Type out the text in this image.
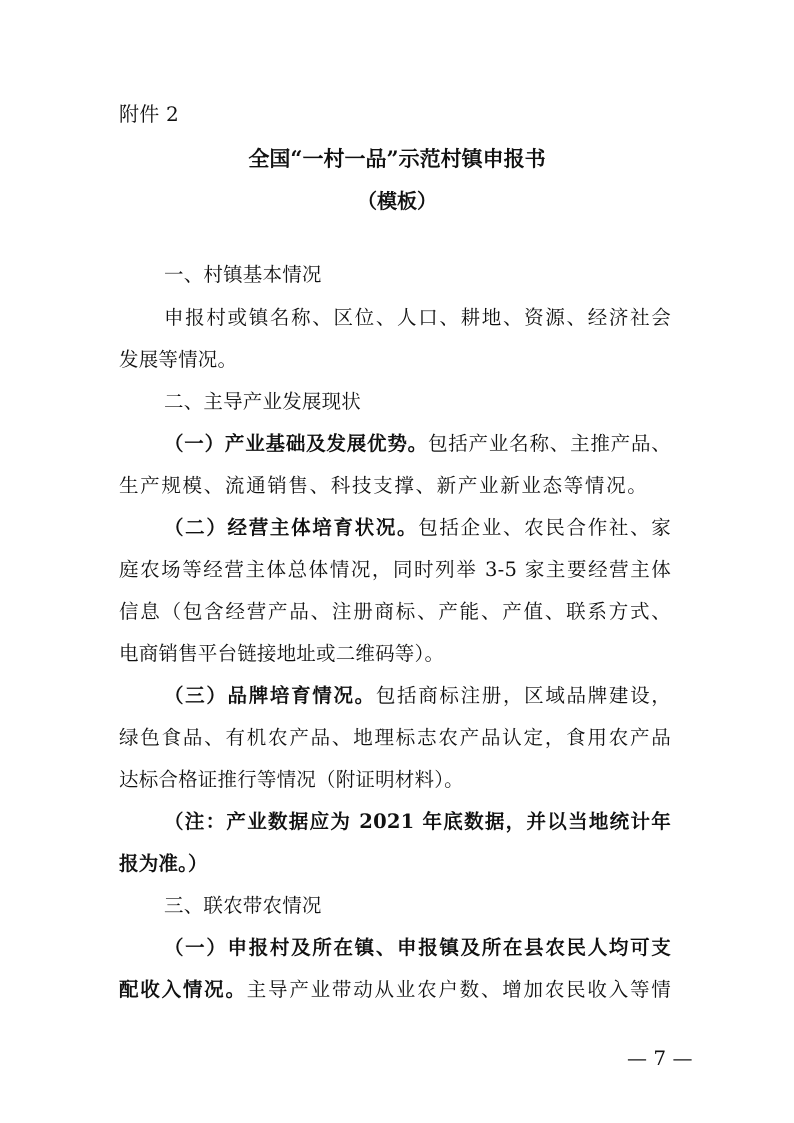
附件 2
全国“一村一品”示范村镇申报书
（模板）
一、村镇基本情况
申报村或镇名称、区位、人口、耕地、资源、经济社会
发展等情况。
二、主导产业发展现状
（一）产业基础及发展优势。包括产业名称、主推产品、
生产规模、流通销售、科技支撑、新产业新业态等情况。
（二）经营主体培育状况。包括企业、农民合作社、家
庭农场等经营主体总体情况，同时列举 3-5 家主要经营主体
信息（包含经营产品、注册商标、产能、产值、联系方式、
电商销售平台链接地址或二维码等）。
（三）品牌培育情况。包括商标注册，区域品牌建设，
绿色食品、有机农产品、地理标志农产品认定，食用农产品
达标合格证推行等情况（附证明材料）。
（注：产业数据应为 2021 年底数据，并以当地统计年
报为准。）
三、联农带农情况
（一）申报村及所在镇、申报镇及所在县农民人均可支
配收入情况。主导产业带动从业农户数、增加农民收入等情
— 7 —
